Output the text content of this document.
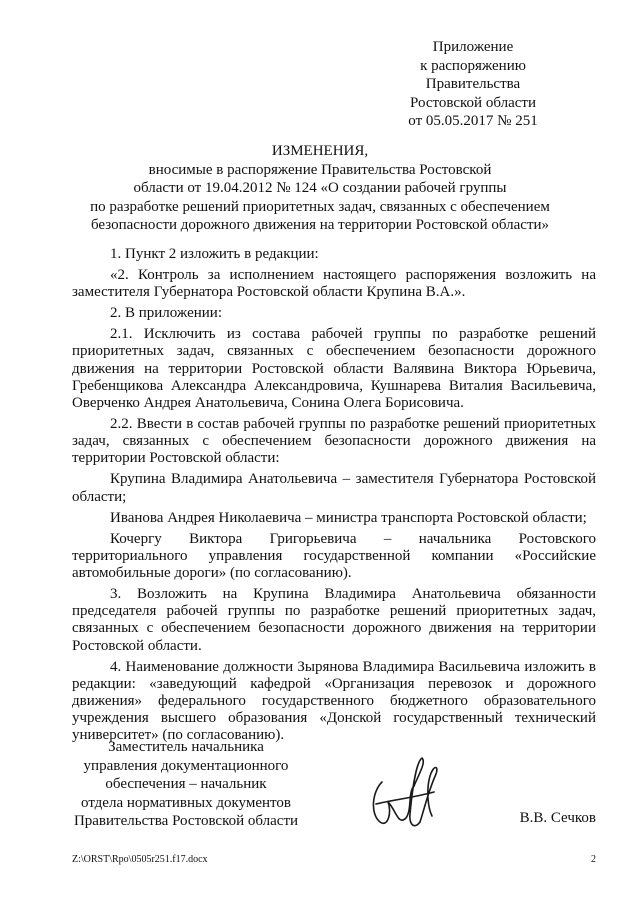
Приложение
к распоряжению
Правительства
Ростовской области
от 05.05.2017 № 251
ИЗМЕНЕНИЯ,
вносимые в распоряжение Правительства Ростовской
области от 19.04.2012 № 124 «О создании рабочей группы
по разработке решений приоритетных задач, связанных с обеспечением
безопасности дорожного движения на территории Ростовской области»

1. Пункт 2 изложить в редакции:

«2. Контроль за исполнением настоящего распоряжения возложить на заместителя Губернатора Ростовской области Крупина В.А.».

2. В приложении:

2.1. Исключить из состава рабочей группы по разработке решений приоритетных задач, связанных с обеспечением безопасности дорожного движения на территории Ростовской области Валявина Виктора Юрьевича, Гребенщикова Александра Александровича, Кушнарева Виталия Васильевича, Оверченко Андрея Анатольевича, Сонина Олега Борисовича.

2.2. Ввести в состав рабочей группы по разработке решений приоритетных задач, связанных с обеспечением безопасности дорожного движения на территории Ростовской области:

Крупина Владимира Анатольевича – заместителя Губернатора Ростовской области;

Иванова Андрея Николаевича – министра транспорта Ростовской области;

Кочергу Виктора Григорьевича – начальника Ростовского территориального управления государственной компании «Российские автомобильные дороги» (по согласованию).

3. Возложить на Крупина Владимира Анатольевича обязанности председателя рабочей группы по разработке решений приоритетных задач, связанных с обеспечением безопасности дорожного движения на территории Ростовской области.

4. Наименование должности Зырянова Владимира Васильевича изложить в редакции: «заведующий кафедрой «Организация перевозок и дорожного движения» федерального государственного бюджетного образовательного учреждения высшего образования «Донской государственный технический университет» (по согласованию).

Заместитель начальника
управления документационного
обеспечения – начальник
отдела нормативных документов
Правительства Ростовской области	В.В. Сечков
Z:\ORST\Rpo\0505r251.f17.docx	2
